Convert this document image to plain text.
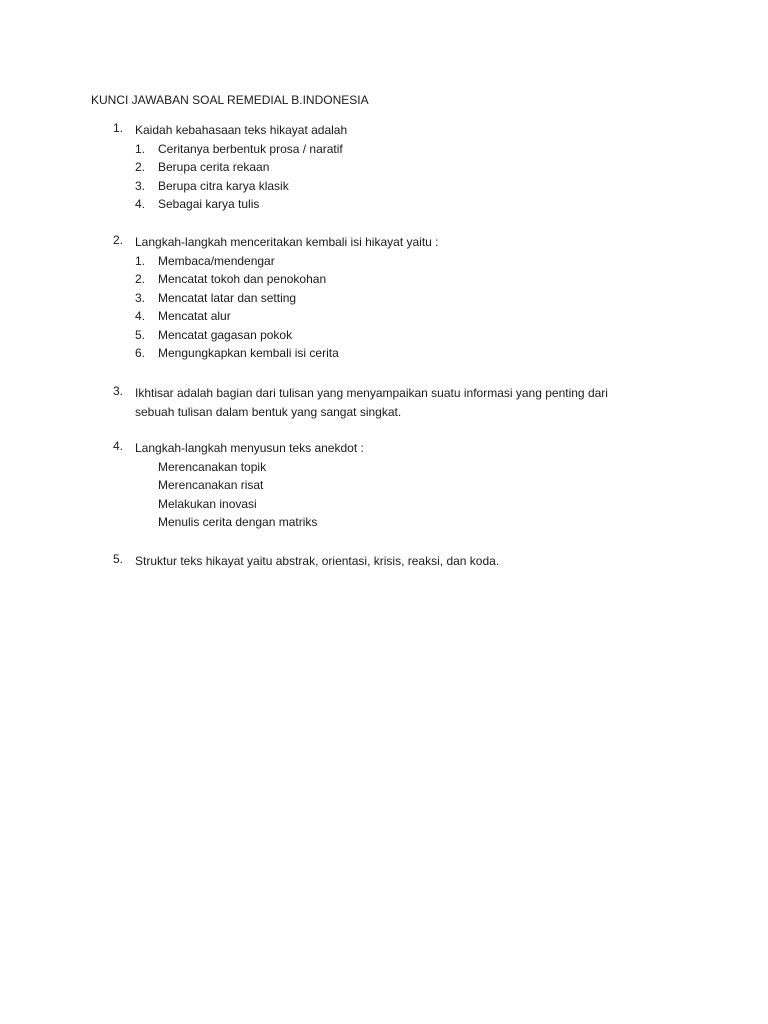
KUNCI JAWABAN SOAL REMEDIAL B.INDONESIA
1. Kaidah kebahasaan teks hikayat adalah
1. Ceritanya berbentuk prosa / naratif
2. Berupa cerita rekaan
3. Berupa citra karya klasik
4. Sebagai karya tulis
2. Langkah-langkah menceritakan kembali isi hikayat yaitu :
1. Membaca/mendengar
2. Mencatat tokoh dan penokohan
3. Mencatat latar dan setting
4. Mencatat alur
5. Mencatat gagasan pokok
6. Mengungkapkan kembali isi cerita
3. Ikhtisar adalah bagian dari tulisan yang menyampaikan suatu informasi yang penting dari
sebuah tulisan dalam bentuk yang sangat singkat.
4. Langkah-langkah menyusun teks anekdot :
Merencanakan topik
Merencanakan risat
Melakukan inovasi
Menulis cerita dengan matriks
5. Struktur teks hikayat yaitu abstrak, orientasi, krisis, reaksi, dan koda.
